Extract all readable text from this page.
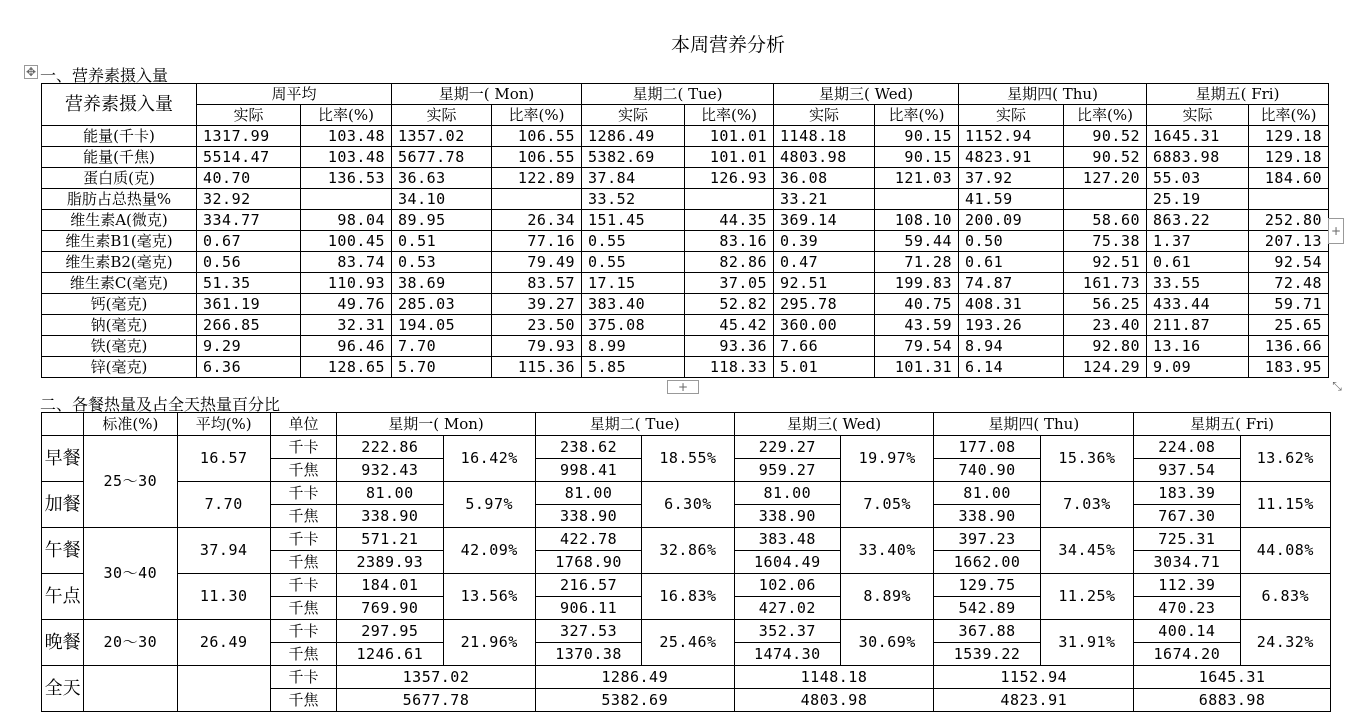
本周营养分析
✥ 一、营养素摄入量
营养素摄入量	周平均		星期一( Mon)		星期二( Tue)		星期三( Wed)		星期四( Thu)		星期五( Fri)	
	实际	比率(%)	实际	比率(%)	实际	比率(%)	实际	比率(%)	实际	比率(%)	实际	比率(%)
能量(千卡)	1317.99	103.48	1357.02	106.55	1286.49	101.01	1148.18	90.15	1152.94	90.52	1645.31	129.18
能量(千焦)	5514.47	103.48	5677.78	106.55	5382.69	101.01	4803.98	90.15	4823.91	90.52	6883.98	129.18
蛋白质(克)	40.70	136.53	36.63	122.89	37.84	126.93	36.08	121.03	37.92	127.20	55.03	184.60
脂肪占总热量%	32.92		34.10		33.52		33.21		41.59		25.19	
维生素A(微克)	334.77	98.04	89.95	26.34	151.45	44.35	369.14	108.10	200.09	58.60	863.22	252.80
维生素B1(毫克)	0.67	100.45	0.51	77.16	0.55	83.16	0.39	59.44	0.50	75.38	1.37	207.13
维生素B2(毫克)	0.56	83.74	0.53	79.49	0.55	82.86	0.47	71.28	0.61	92.51	0.61	92.54
维生素C(毫克)	51.35	110.93	38.69	83.57	17.15	37.05	92.51	199.83	74.87	161.73	33.55	72.48
钙(毫克)	361.19	49.76	285.03	39.27	383.40	52.82	295.78	40.75	408.31	56.25	433.44	59.71
钠(毫克)	266.85	32.31	194.05	23.50	375.08	45.42	360.00	43.59	193.26	23.40	211.87	25.65
铁(毫克)	9.29	96.46	7.70	79.93	8.99	93.36	7.66	79.54	8.94	92.80	13.16	136.66
锌(毫克)	6.36	128.65	5.70	115.36	5.85	118.33	5.01	101.31	6.14	124.29	9.09	183.95
+
+	⤡
二、各餐热量及占全天热量百分比
	标准(%)	平均(%)	单位	星期一( Mon)		星期二( Tue)		星期三( Wed)		星期四( Thu)		星期五( Fri)	
早餐	25～30	16.57	千卡	222.86	16.42%	238.62	18.55%	229.27	19.97%	177.08	15.36%	224.08	13.62%
			千焦	932.43		998.41		959.27		740.90		937.54	
加餐		7.70	千卡	81.00	5.97%	81.00	6.30%	81.00	7.05%	81.00	7.03%	183.39	11.15%
			千焦	338.90		338.90		338.90		338.90		767.30	
午餐	30～40	37.94	千卡	571.21	42.09%	422.78	32.86%	383.48	33.40%	397.23	34.45%	725.31	44.08%
			千焦	2389.93		1768.90		1604.49		1662.00		3034.71	
午点		11.30	千卡	184.01	13.56%	216.57	16.83%	102.06	8.89%	129.75	11.25%	112.39	6.83%
			千焦	769.90		906.11		427.02		542.89		470.23	
晚餐	20～30	26.49	千卡	297.95	21.96%	327.53	25.46%	352.37	30.69%	367.88	31.91%	400.14	24.32%
			千焦	1246.61		1370.38		1474.30		1539.22		1674.20	
全天			千卡	1357.02		1286.49		1148.18		1152.94		1645.31	
			千焦	5677.78		5382.69		4803.98		4823.91		6883.98	
